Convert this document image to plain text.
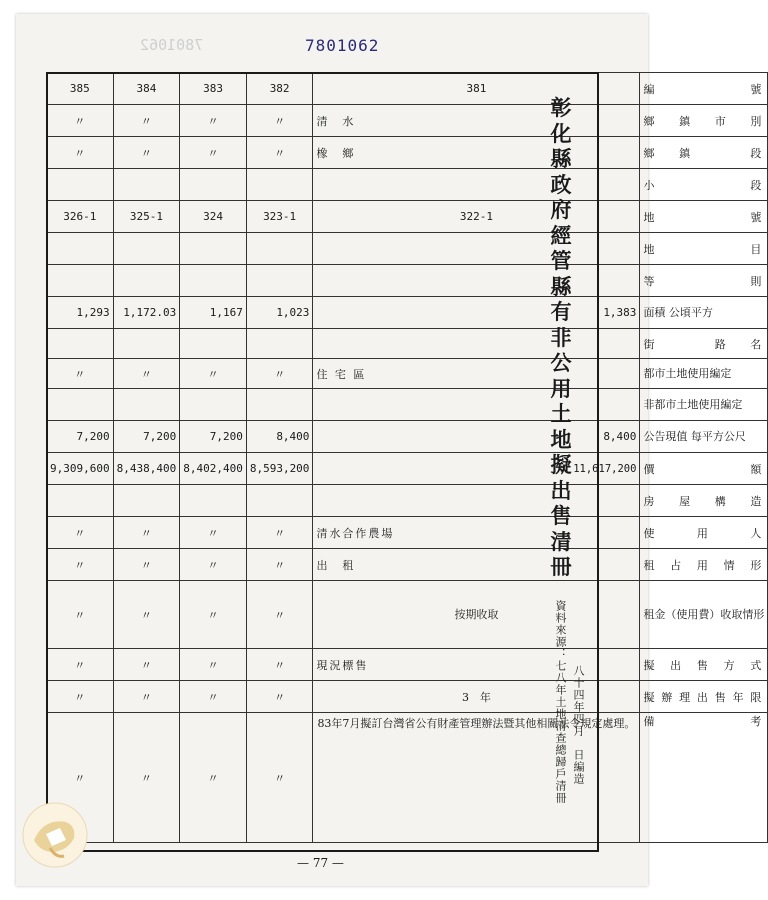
7801062	7801062
385	384	383	382	381	編　號
〃	〃	〃	〃	清　水	鄉鎮市別
〃	〃	〃	〃	橡　鄉	鄉鎮　段
					小　段
326-1	325-1	324	323-1	322-1	地　號
					地　目
					等　則
1,293	1,172.03	1,167	1,023	1,383	面積 公頃平方
					街　路名
〃	〃	〃	〃	住 宅 區	都市土地使用編定
					非都市土地使用編定
7,200	7,200	7,200	8,400	8,400	公告現值 每平方公尺
9,309,600	8,438,400	8,402,400	8,593,200	11,617,200	價　額
					房屋構造
〃	〃	〃	〃	清水合作農場	使　用　人
〃	〃	〃	〃	出　租	租占用情形
〃	〃	〃	〃	按期收取	租金（使用費）收取情形
〃	〃	〃	〃	現況標售	擬出售方式
〃	〃	〃	〃	3　年	擬辦理出售年限
〃	〃	〃	〃	83年7月擬訂台灣省公有財產管理辦法暨其他相關法令規定處理。	備　考
彰化縣政府經管縣有非公用土地擬出售清冊
資料來源：七八年土地清查總歸戶清冊 八十四年四月　日編造
— 77 —
